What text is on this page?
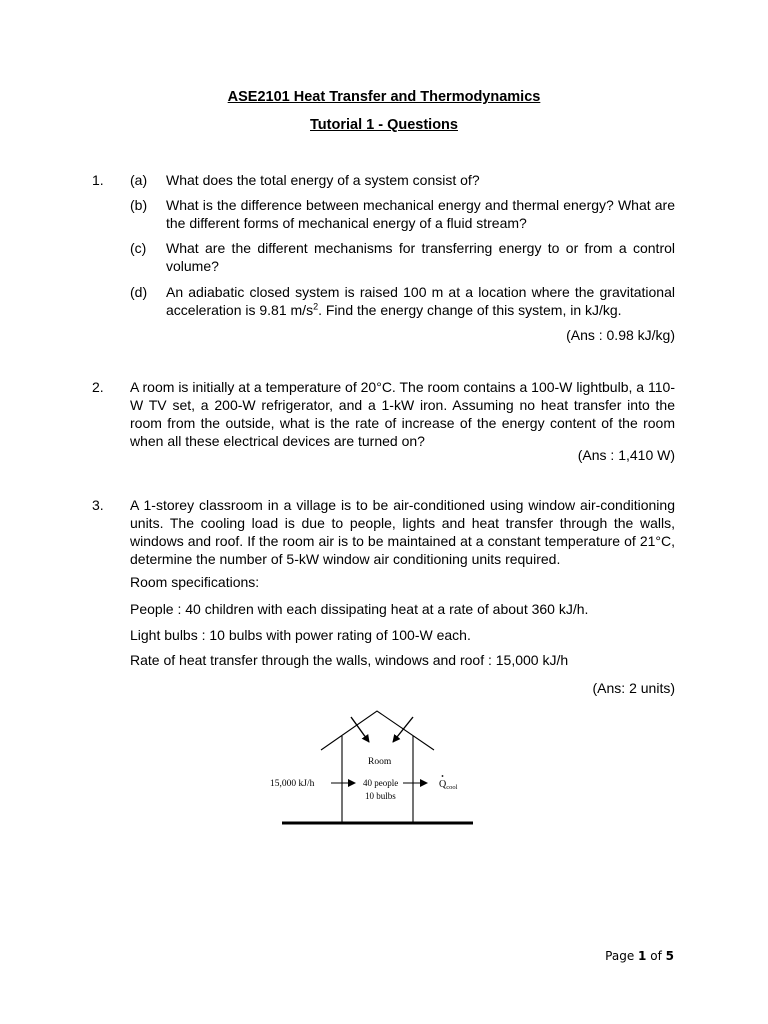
ASE2101 Heat Transfer and Thermodynamics
Tutorial 1 - Questions
1. (a) What does the total energy of a system consist of?
(b) What is the difference between mechanical energy and thermal energy? What are the different forms of mechanical energy of a fluid stream?
(c) What are the different mechanisms for transferring energy to or from a control volume?
(d) An adiabatic closed system is raised 100 m at a location where the gravitational acceleration is 9.81 $m/s^2$. Find the energy change of this system, in kJ/kg.
(Ans : 0.98 kJ/kg)
2. A room is initially at a temperature of 20°C. The room contains a 100-W lightbulb, a 110-W TV set, a 200-W refrigerator, and a 1-kW iron. Assuming no heat transfer into the room from the outside, what is the rate of increase of the energy content of the room when all these electrical devices are turned on?
(Ans : 1,410 W)
3. A 1-storey classroom in a village is to be air-conditioned using window air-conditioning units. The cooling load is due to people, lights and heat transfer through the walls, windows and roof. If the room air is to be maintained at a constant temperature of 21°C, determine the number of 5-kW window air conditioning units required.
Room specifications:
People : 40 children with each dissipating heat at a rate of about 360 kJ/h.
Light bulbs : 10 bulbs with power rating of 100-W each.
Rate of heat transfer through the walls, windows and roof : 15,000 kJ/h
(Ans: 2 units)
15,000 kJ/h
Room
40 people
10 bulbs
$Q_{cool}$
Page 1 of 5
